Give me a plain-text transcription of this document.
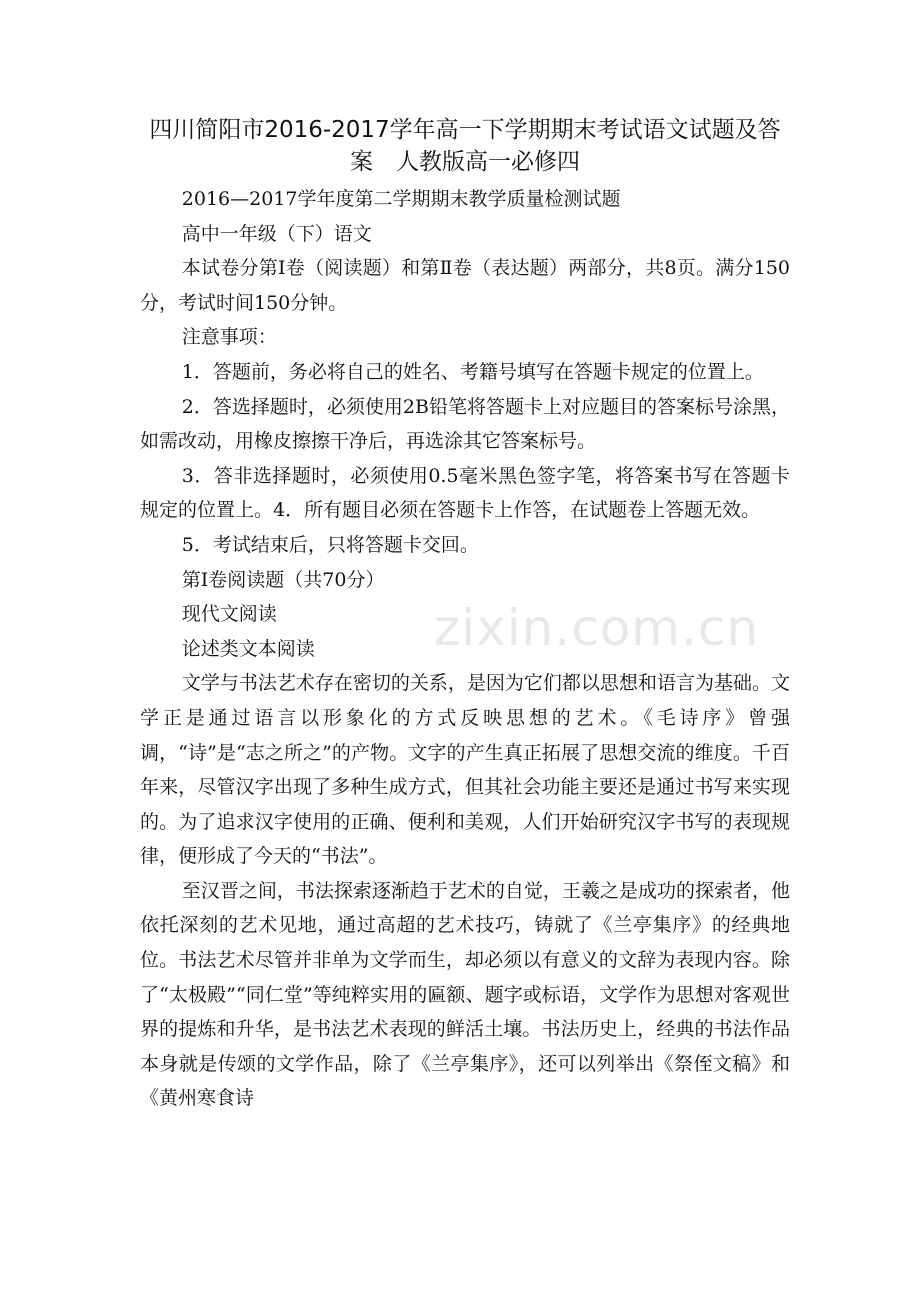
四川简阳市2016-2017学年高一下学期期末考试语文试题及答案　人教版高一必修四

2016—2017学年度第二学期期末教学质量检测试题

高中一年级（下）语文

本试卷分第Ⅰ卷（阅读题）和第Ⅱ卷（表达题）两部分，共8页。满分150分，考试时间150分钟。

注意事项：

1．答题前，务必将自己的姓名、考籍号填写在答题卡规定的位置上。

2．答选择题时，必须使用2B铅笔将答题卡上对应题目的答案标号涂黑，如需改动，用橡皮擦擦干净后，再选涂其它答案标号。

3．答非选择题时，必须使用0.5毫米黑色签字笔，将答案书写在答题卡规定的位置上。4．所有题目必须在答题卡上作答，在试题卷上答题无效。

5．考试结束后，只将答题卡交回。

第Ⅰ卷阅读题（共70分）

现代文阅读

论述类文本阅读

文学与书法艺术存在密切的关系，是因为它们都以思想和语言为基础。文学正是通过语言以形象化的方式反映思想的艺术。《毛诗序》曾强调，“诗”是“志之所之”的产物。文字的产生真正拓展了思想交流的维度。千百年来，尽管汉字出现了多种生成方式，但其社会功能主要还是通过书写来实现的。为了追求汉字使用的正确、便利和美观，人们开始研究汉字书写的表现规律，便形成了今天的“书法”。

至汉晋之间，书法探索逐渐趋于艺术的自觉，王羲之是成功的探索者，他依托深刻的艺术见地，通过高超的艺术技巧，铸就了《兰亭集序》的经典地位。书法艺术尽管并非单为文学而生，却必须以有意义的文辞为表现内容。除了“太极殿”“同仁堂”等纯粹实用的匾额、题字或标语，文学作为思想对客观世界的提炼和升华，是书法艺术表现的鲜活土壤。书法历史上，经典的书法作品本身就是传颂的文学作品，除了《兰亭集序》，还可以列举出《祭侄文稿》和《黄州寒食诗

zixin.com.cn
